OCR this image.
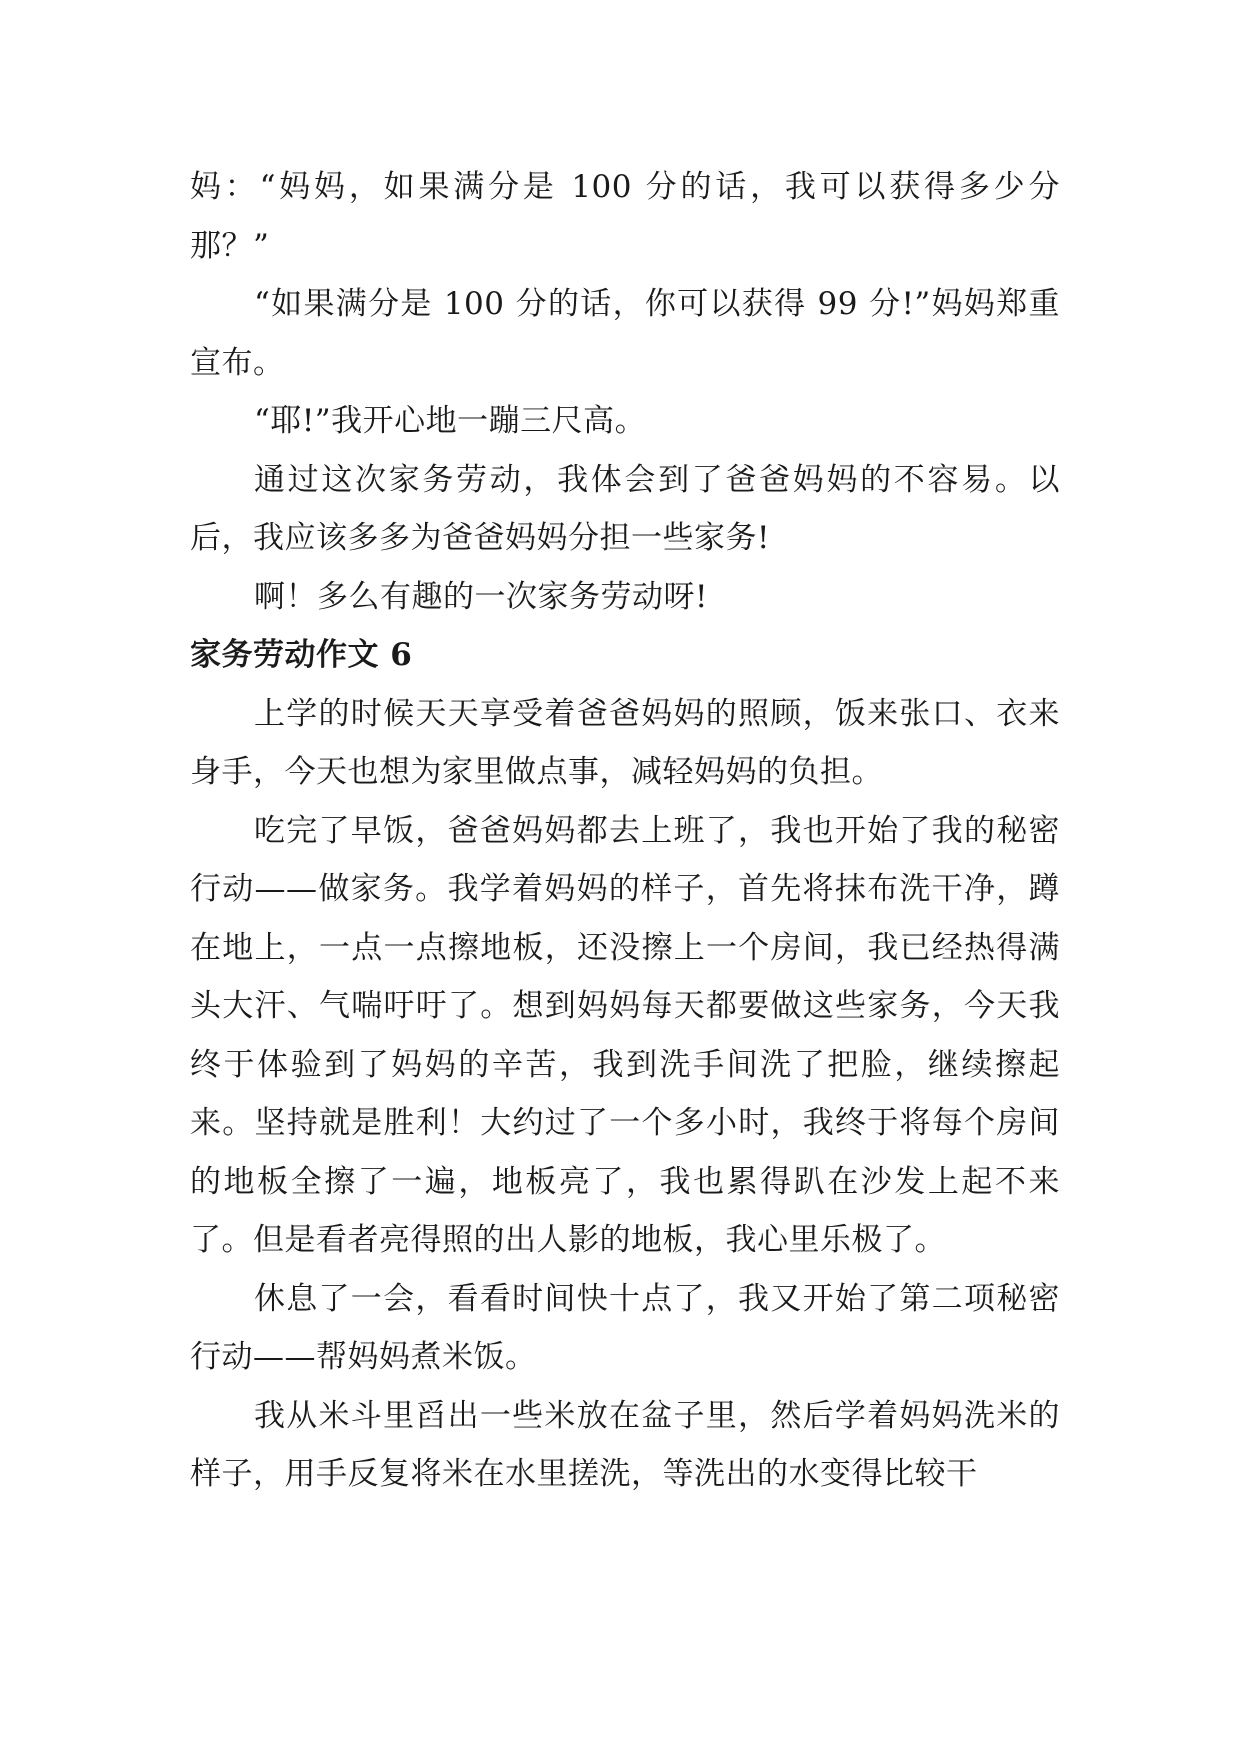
妈：“妈妈，如果满分是 100 分的话，我可以获得多少分那？”

“如果满分是 100 分的话，你可以获得 99 分!”妈妈郑重宣布。

“耶!”我开心地一蹦三尺高。

通过这次家务劳动，我体会到了爸爸妈妈的不容易。以后，我应该多多为爸爸妈妈分担一些家务!

啊！多么有趣的一次家务劳动呀!

家务劳动作文 6

上学的时候天天享受着爸爸妈妈的照顾，饭来张口、衣来身手，今天也想为家里做点事，减轻妈妈的负担。

吃完了早饭，爸爸妈妈都去上班了，我也开始了我的秘密行动——做家务。我学着妈妈的样子，首先将抹布洗干净，蹲在地上，一点一点擦地板，还没擦上一个房间，我已经热得满头大汗、气喘吁吁了。想到妈妈每天都要做这些家务，今天我终于体验到了妈妈的辛苦，我到洗手间洗了把脸，继续擦起来。坚持就是胜利！大约过了一个多小时，我终于将每个房间的地板全擦了一遍，地板亮了，我也累得趴在沙发上起不来了。但是看者亮得照的出人影的地板，我心里乐极了。

休息了一会，看看时间快十点了，我又开始了第二项秘密行动——帮妈妈煮米饭。

我从米斗里舀出一些米放在盆子里，然后学着妈妈洗米的样子，用手反复将米在水里搓洗，等洗出的水变得比较干
